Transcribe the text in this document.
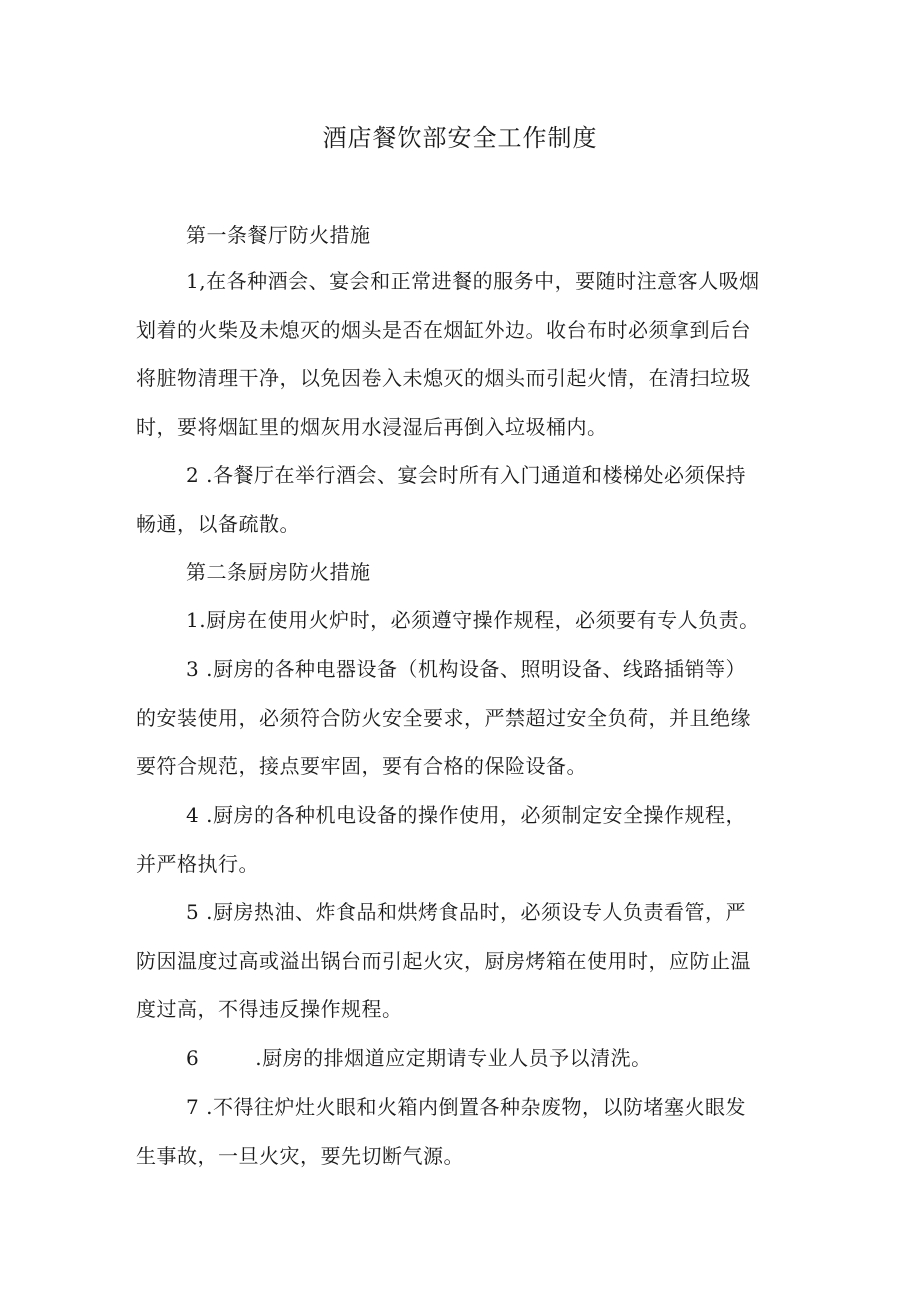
酒店餐饮部安全工作制度
第一条餐厅防火措施
1,在各种酒会、宴会和正常进餐的服务中，要随时注意客人吸烟
划着的火柴及未熄灭的烟头是否在烟缸外边。收台布时必须拿到后台
将脏物清理干净，以免因卷入未熄灭的烟头而引起火情，在清扫垃圾
时，要将烟缸里的烟灰用水浸湿后再倒入垃圾桶内。
2 .各餐厅在举行酒会、宴会时所有入门通道和楼梯处必须保持
畅通，以备疏散。
第二条厨房防火措施
1.厨房在使用火炉时，必须遵守操作规程，必须要有专人负责。
3 .厨房的各种电器设备（机构设备、照明设备、线路插销等）
的安装使用，必须符合防火安全要求，严禁超过安全负荷，并且绝缘
要符合规范，接点要牢固，要有合格的保险设备。
4 .厨房的各种机电设备的操作使用，必须制定安全操作规程，
并严格执行。
5 .厨房热油、炸食品和烘烤食品时，必须设专人负责看管，严
防因温度过高或溢出锅台而引起火灾，厨房烤箱在使用时，应防止温
度过高，不得违反操作规程。
6	.厨房的排烟道应定期请专业人员予以清洗。
7 .不得往炉灶火眼和火箱内倒置各种杂废物，以防堵塞火眼发
生事故，一旦火灾，要先切断气源。
